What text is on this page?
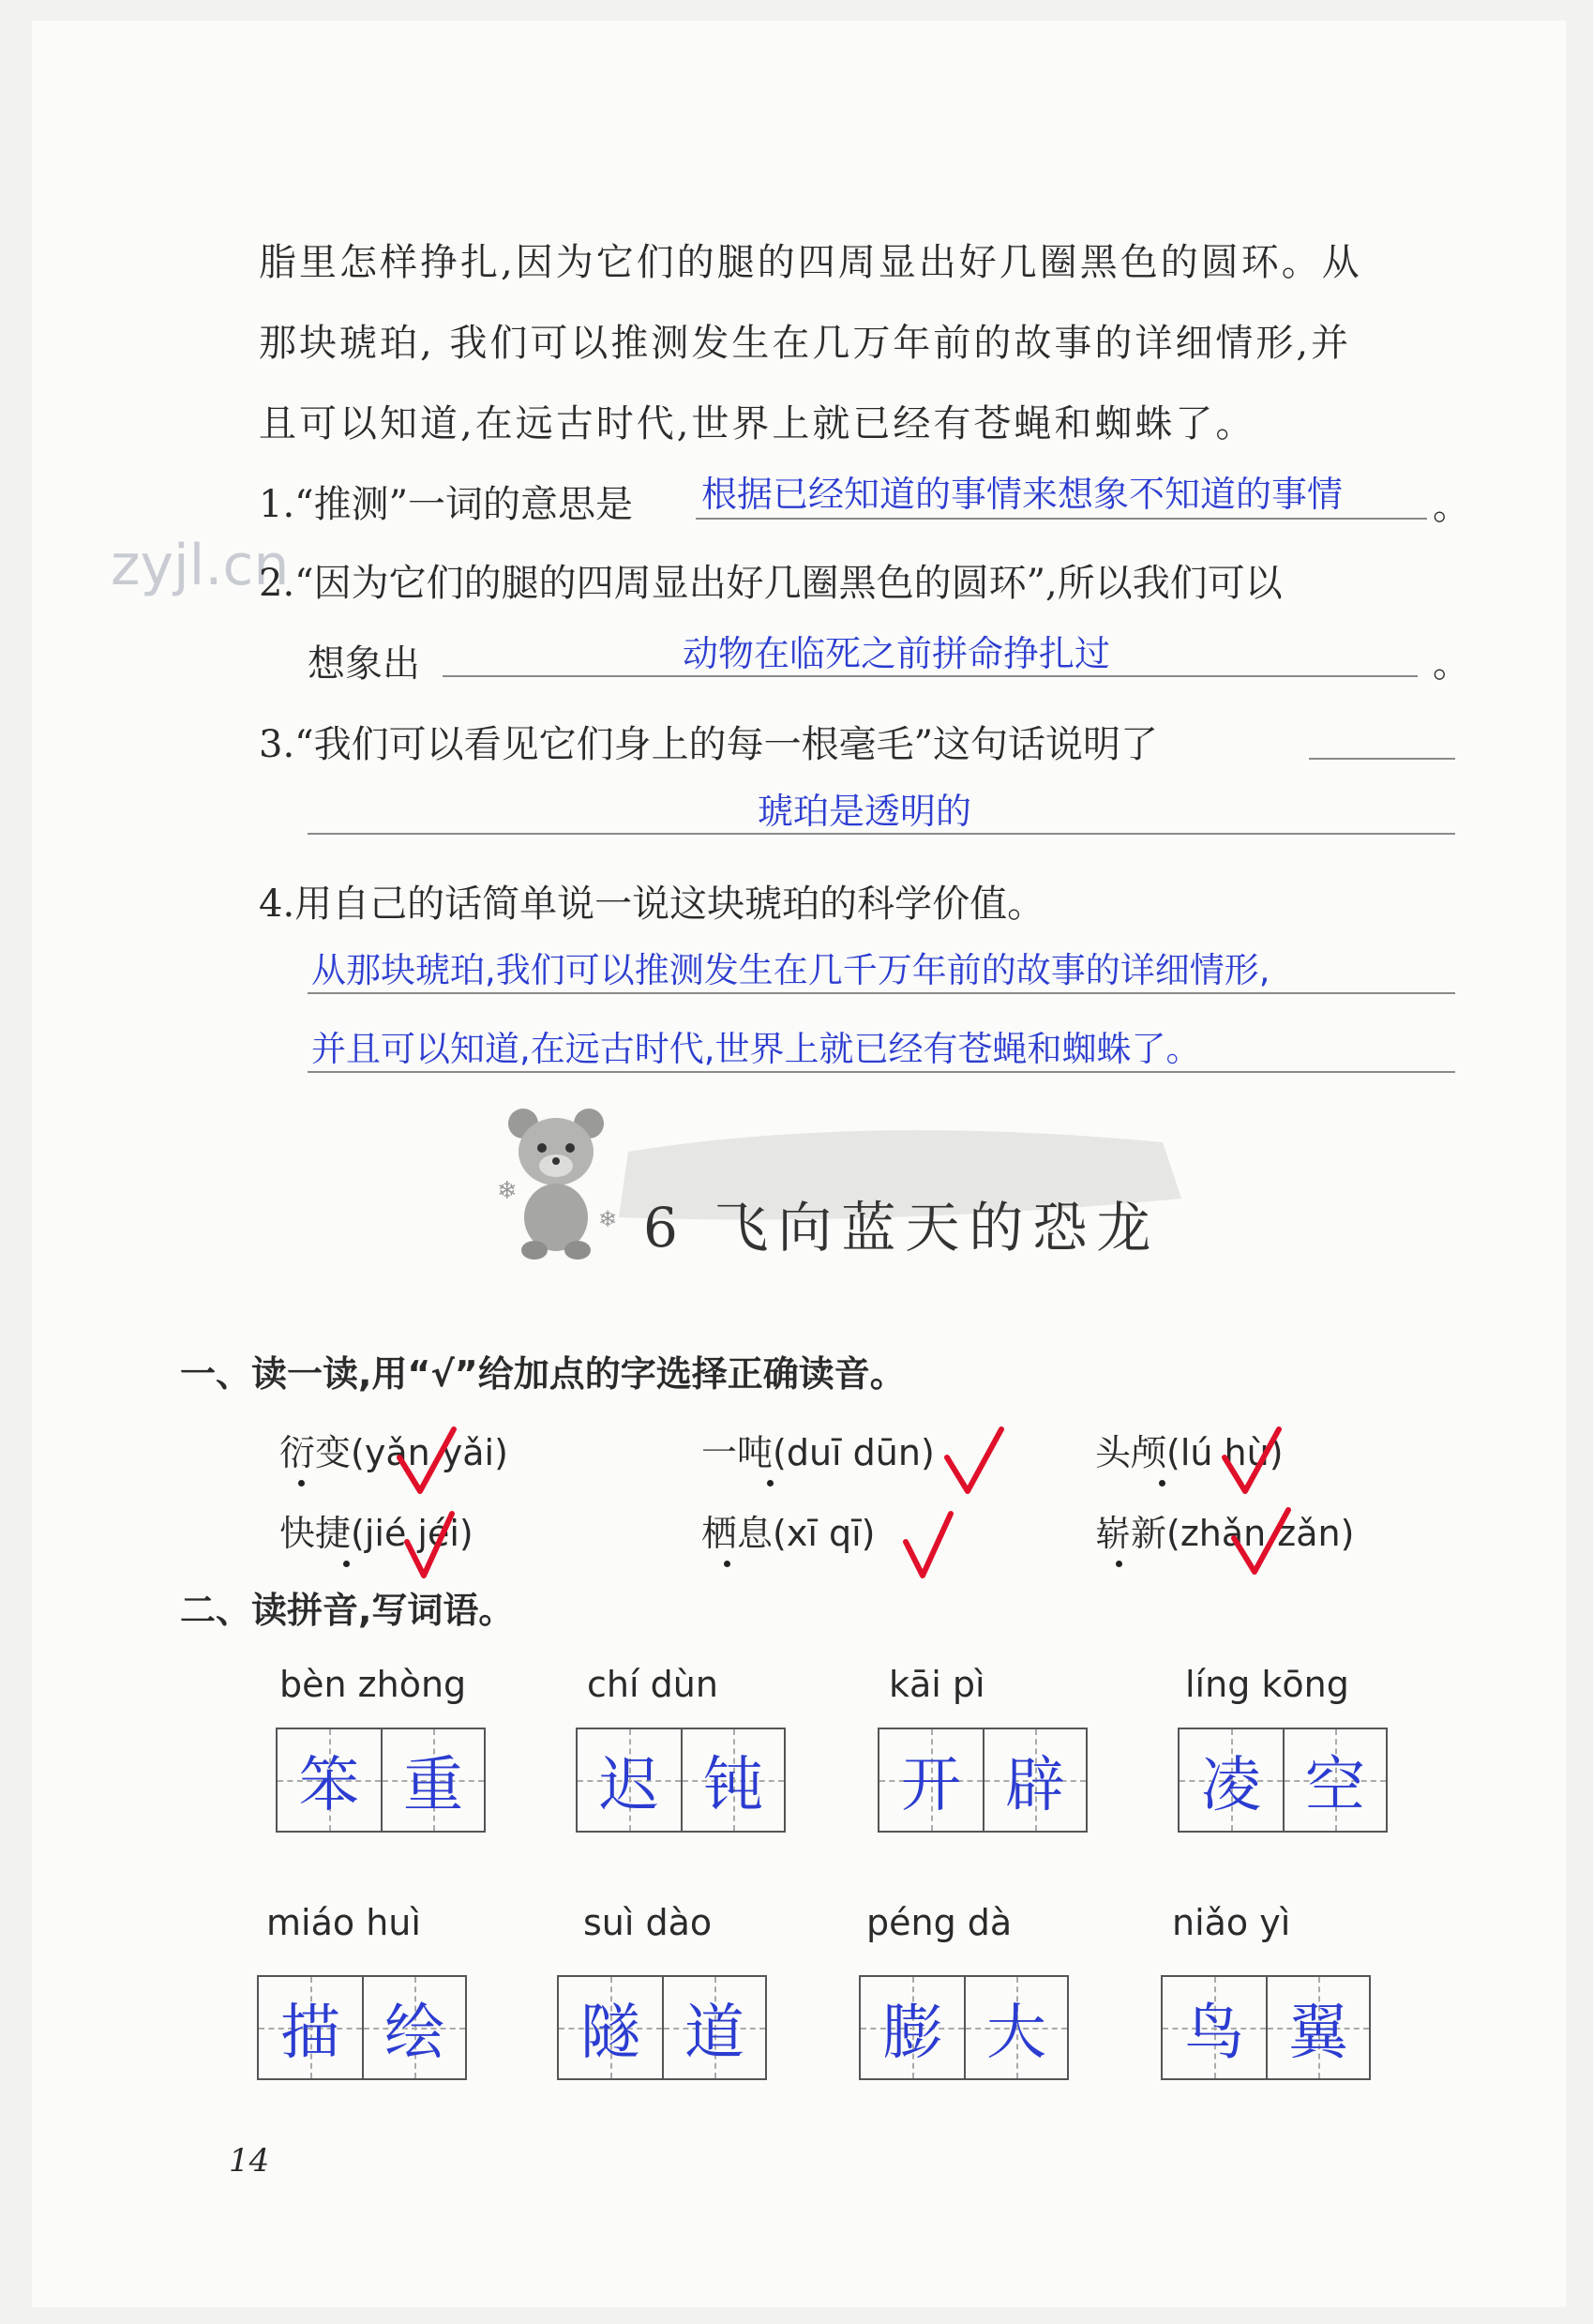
脂里怎样挣扎,因为它们的腿的四周显出好几圈黑色的圆环。从
那块琥珀, 我们可以推测发生在几万年前的故事的详细情形,并
且可以知道,在远古时代,世界上就已经有苍蝇和蜘蛛了。
zyjl.cn
1.“推测”一词的意思是 根据已经知道的事情来想象不知道的事情 。
2.“因为它们的腿的四周显出好几圈黑色的圆环”,所以我们可以
想象出	动物在临死之前拼命挣扎过	。
3.“我们可以看见它们身上的每一根毫毛”这句话说明了
琥珀是透明的
4.用自己的话简单说一说这块琥珀的科学价值。
从那块琥珀,我们可以推测发生在几千万年前的故事的详细情形,
并且可以知道,在远古时代,世界上就已经有苍蝇和蜘蛛了。
❄
❄ 6 飞向蓝天的恐龙
一、读一读,用“√”给加点的字选择正确读音。
衍变(yǎn yǎi)	一吨(duī dūn)	头颅(lú hù)
快捷(jié jéi)	栖息(xī qī)	崭新(zhǎn zǎn)
二、读拼音,写词语。
bèn zhòng	chí dùn	kāi pì	líng kōng
笨 重	迟 钝	开 辟	凌 空
miáo huì	suì dào	péng dà	niǎo yì
描 绘	隧 道	膨 大	鸟 翼
14
